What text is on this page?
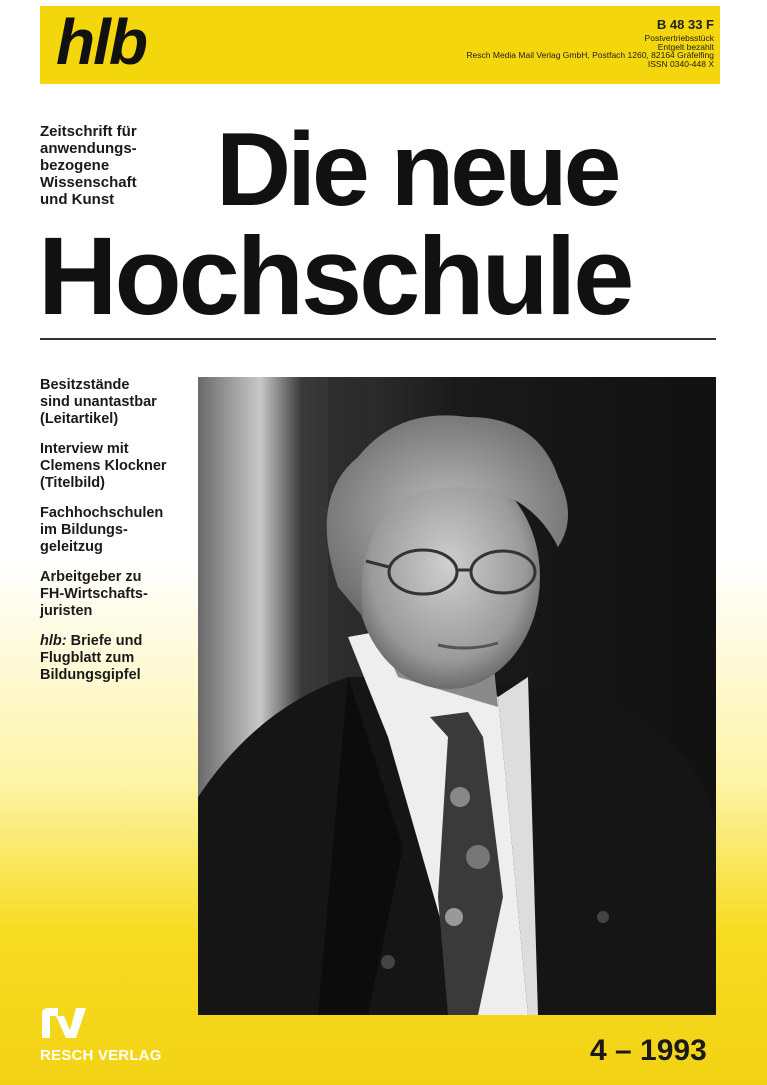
hlb	B 48 33 F
Postvertriebsstück
Entgelt bezahlt
Resch Media Mail Verlag GmbH, Postfach 1260, 82164 Gräfelfing
ISSN 0340-448 X
Zeitschrift für
anwendungs-
bezogene
Wissenschaft
und Kunst Die neue
Hochschule
Besitzstände
sind unantastbar
(Leitartikel)
Interview mit
Clemens Klockner
(Titelbild)
Fachhochschulen
im Bildungs-
geleitzug
Arbeitgeber zu
FH-Wirtschafts-
juristen
hlb: Briefe und
Flugblatt zum
Bildungsgipfel
RESCH VERLAG	4 – 1993
